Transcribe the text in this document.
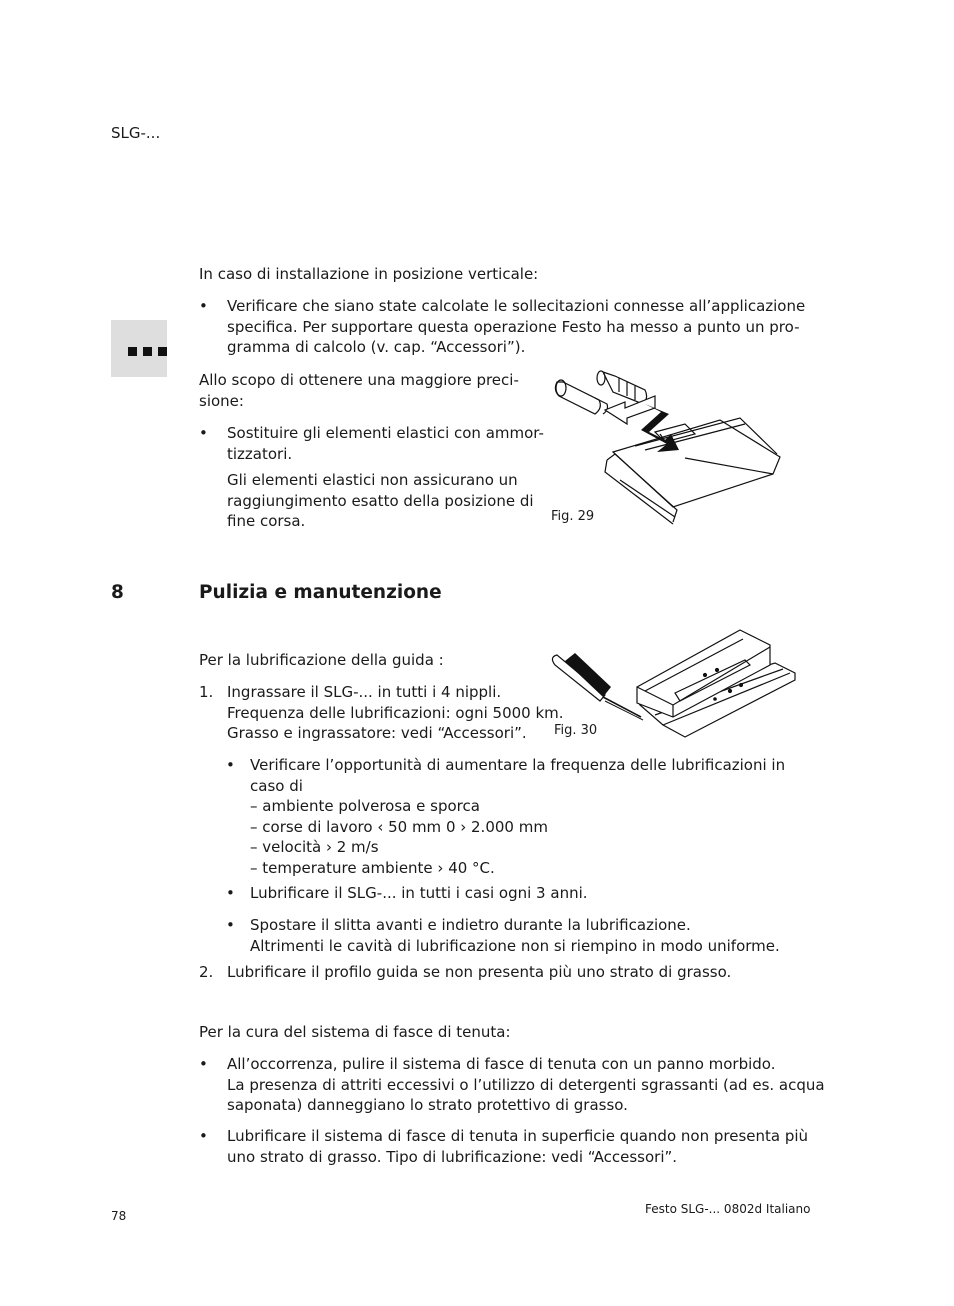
SLG-...
In caso di installazione in posizione verticale:
• Verificare che siano state calcolate le sollecitazioni connesse all’applicazione
specifica. Per supportare questa operazione Festo ha messo a punto un pro-
gramma di calcolo (v. cap. “Accessori”).
Allo scopo di ottenere una maggiore preci-
sione:
• Sostituire gli elementi elastici con ammor-
tizzatori.
Gli elementi elastici non assicurano un
raggiungimento esatto della posizione di
fine corsa.	Fig. 29
8	Pulizia e manutenzione
Per la lubrificazione della guida :
1. Ingrassare il SLG-... in tutti i 4 nippli.
Frequenza delle lubrificazioni: ogni 5000 km.
Grasso e ingrassatore: vedi “Accessori”.	Fig. 30
• Verificare l’opportunità di aumentare la frequenza delle lubrificazioni in
caso di
– ambiente polverosa e sporca
– corse di lavoro ‹ 50 mm 0 › 2.000 mm
– velocità › 2 m/s
– temperature ambiente › 40 °C.
• Lubrificare il SLG-... in tutti i casi ogni 3 anni.
• Spostare il slitta avanti e indietro durante la lubrificazione.
Altrimenti le cavità di lubrificazione non si riempino in modo uniforme.
2. Lubrificare il profilo guida se non presenta più uno strato di grasso.
Per la cura del sistema di fasce di tenuta:
• All’occorrenza, pulire il sistema di fasce di tenuta con un panno morbido.
La presenza di attriti eccessivi o l’utilizzo di detergenti sgrassanti (ad es. acqua
saponata) danneggiano lo strato protettivo di grasso.
• Lubrificare il sistema di fasce di tenuta in superficie quando non presenta più
uno strato di grasso. Tipo di lubrificazione: vedi “Accessori”.
78	Festo SLG-... 0802d Italiano
